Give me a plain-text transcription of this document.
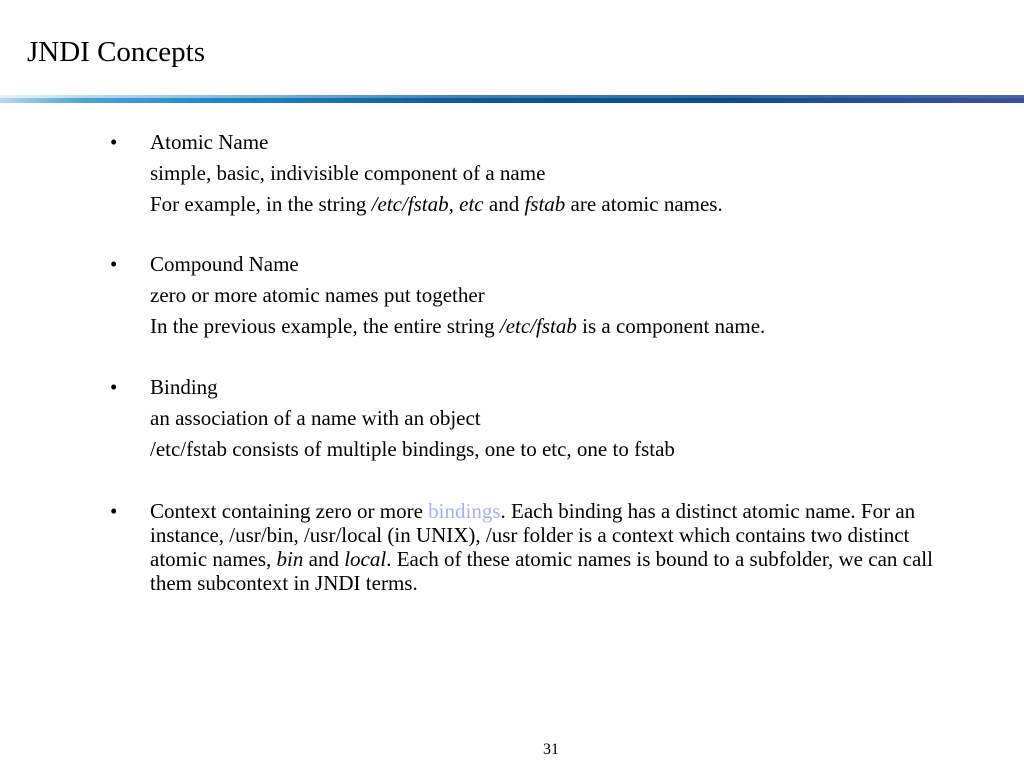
JNDI Concepts
• Atomic Name
simple, basic, indivisible component of a name
For example, in the string /etc/fstab, etc and fstab are atomic names.
• Compound Name
zero or more atomic names put together
In the previous example, the entire string /etc/fstab is a component name.
• Binding
an association of a name with an object
/etc/fstab consists of multiple bindings, one to etc, one to fstab
• Context containing zero or more bindings. Each binding has a distinct atomic name. For an instance, /usr/bin, /usr/local (in UNIX), /usr folder is a context which contains two distinct atomic names, bin and local. Each of these atomic names is bound to a subfolder, we can call them subcontext in JNDI terms.
31
